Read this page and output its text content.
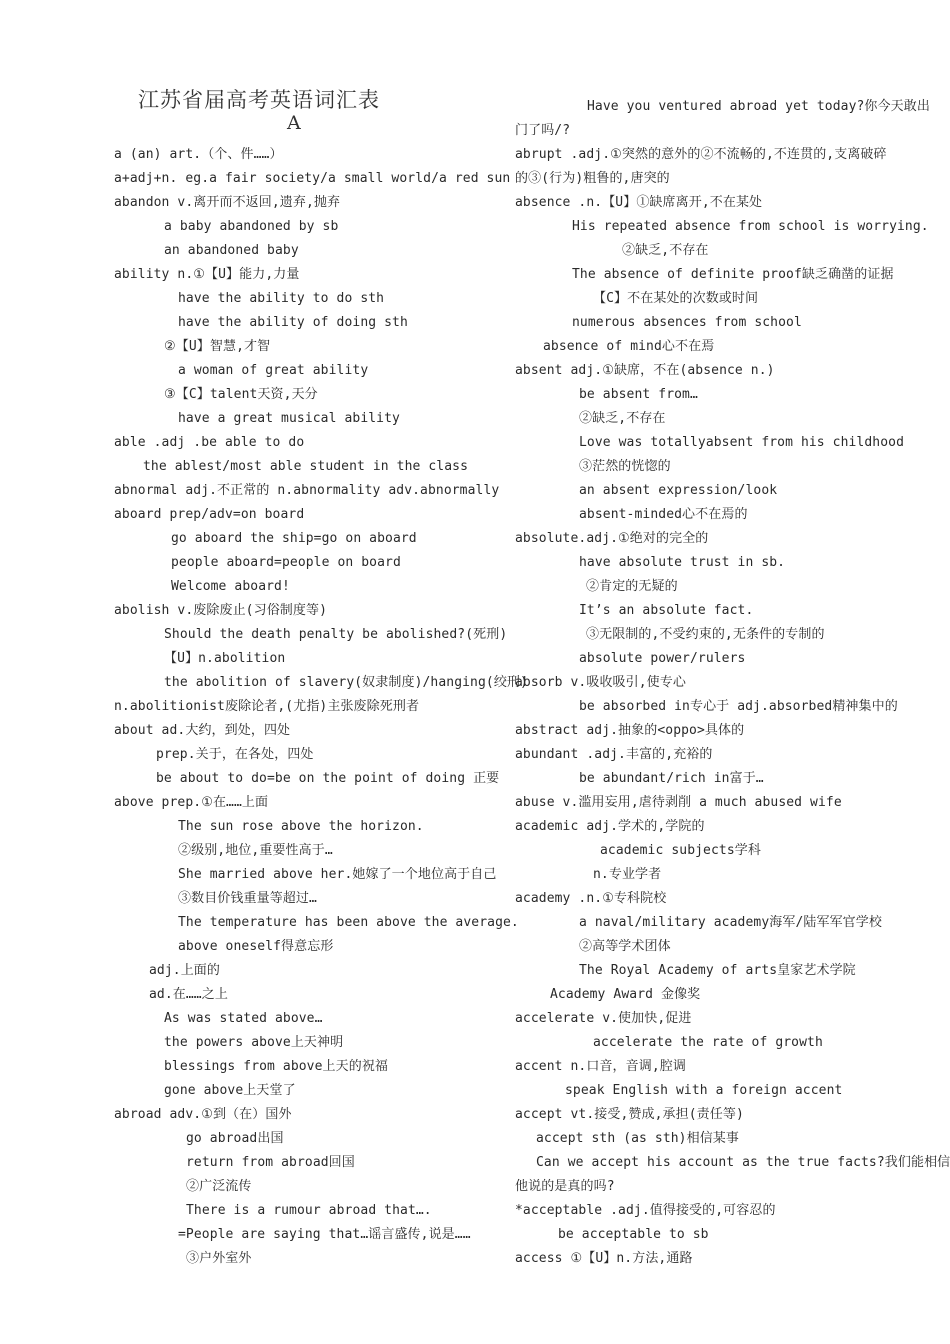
江苏省届高考英语词汇表
A
a (an) art.（个、件……）
a+adj+n. eg.a fair society/a small world/a red sun
abandon v.离开而不返回,遗弃,抛弃
a baby abandoned by sb
an abandoned baby
ability n.①【U】能力,力量
have the ability to do sth
have the ability of doing sth
②【U】智慧,才智
a woman of great ability
③【C】talent天资,天分
have a great musical ability
able .adj .be able to do
the ablest/most able student in the class
abnormal adj.不正常的 n.abnormality adv.abnormally
aboard prep/adv=on board
go aboard the ship=go on aboard
people aboard=people on board
Welcome aboard!
abolish v.废除废止(习俗制度等)
Should the death penalty be abolished?(死刑)
【U】n.abolition
the abolition of slavery(奴隶制度)/hanging(绞刑)
n.abolitionist废除论者,(尤指)主张废除死刑者
about ad.大约，到处，四处
prep.关于，在各处，四处
be about to do=be on the point of doing 正要
above prep.①在……上面
The sun rose above the horizon.
②级别,地位,重要性高于…
She married above her.她嫁了一个地位高于自己
③数目价钱重量等超过…
The temperature has been above the average.
above oneself得意忘形
adj.上面的
ad.在……之上
As was stated above…
the powers above上天神明
blessings from above上天的祝福
gone above上天堂了
abroad adv.①到（在）国外
go abroad出国
return from abroad回国
②广泛流传
There is a rumour abroad that….
=People are saying that…谣言盛传,说是……
③户外室外
Have you ventured abroad yet today?你今天敢出
门了吗/?
abrupt .adj.①突然的意外的②不流畅的,不连贯的,支离破碎
的③(行为)粗鲁的,唐突的
absence .n.【U】①缺席离开,不在某处
His repeated absence from school is worrying.
②缺乏,不存在
The absence of definite proof缺乏确凿的证据
【C】不在某处的次数或时间
numerous absences from school
absence of mind心不在焉
absent adj.①缺席，不在(absence n.)
be absent from…
②缺乏,不存在
Love was totallyabsent from his childhood
③茫然的恍惚的
an absent expression/look
absent-minded心不在焉的
absolute.adj.①绝对的完全的
have absolute trust in sb.
②肯定的无疑的
It’s an absolute fact.
③无限制的,不受约束的,无条件的专制的
absolute power/rulers
absorb v.吸收吸引,使专心
be absorbed in专心于 adj.absorbed精神集中的
abstract adj.抽象的<oppo>具体的
abundant .adj.丰富的,充裕的
be abundant/rich in富于…
abuse v.滥用妄用,虐待剥削 a much abused wife
academic adj.学术的,学院的
academic subjects学科
n.专业学者
academy .n.①专科院校
a naval/military academy海军/陆军军官学校
②高等学术团体
The Royal Academy of arts皇家艺术学院
Academy Award 金像奖
accelerate v.使加快,促进
accelerate the rate of growth
accent n.口音，音调,腔调
speak English with a foreign accent
accept vt.接受,赞成,承担(责任等)
accept sth (as sth)相信某事
Can we accept his account as the true facts?我们能相信
他说的是真的吗?
*acceptable .adj.值得接受的,可容忍的
be acceptable to sb
access ①【U】n.方法,通路
